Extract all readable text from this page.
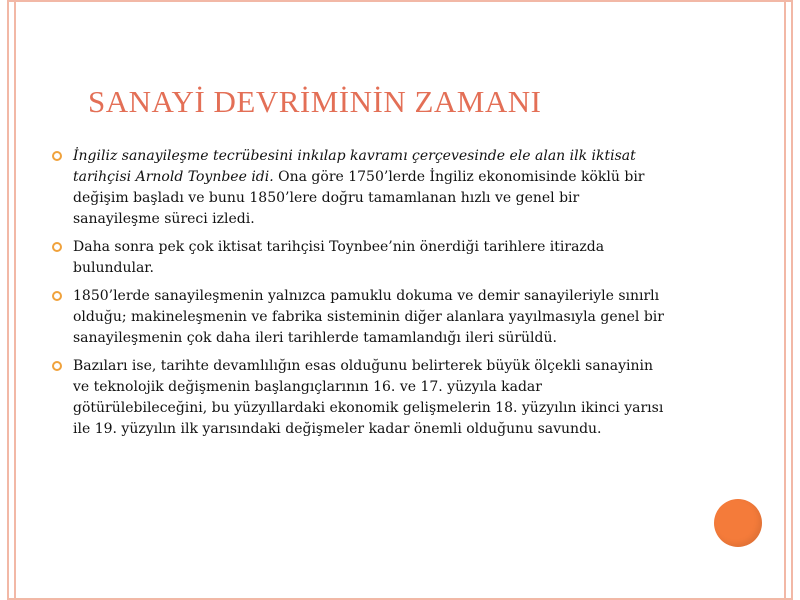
SANAYİ DEVRİMİNİN ZAMANI
İngiliz sanayileşme tecrübesini inkılap kavramı çerçevesinde ele alan ilk iktisat tarihçisi Arnold Toynbee idi. Ona göre 1750’lerde İngiliz ekonomisinde köklü bir değişim başladı ve bunu 1850’lere doğru tamamlanan hızlı ve genel bir sanayileşme süreci izledi.
Daha sonra pek çok iktisat tarihçisi Toynbee’nin önerdiği tarihlere itirazda bulundular.
1850’lerde sanayileşmenin yalnızca pamuklu dokuma ve demir sanayileriyle sınırlı olduğu; makineleşmenin ve fabrika sisteminin diğer alanlara yayılmasıyla genel bir sanayileşmenin çok daha ileri tarihlerde tamamlandığı ileri sürüldü.
Bazıları ise, tarihte devamlılığın esas olduğunu belirterek büyük ölçekli sanayinin ve teknolojik değişmenin başlangıçlarının 16. ve 17. yüzyıla kadar götürülebileceğini, bu yüzyıllardaki ekonomik gelişmelerin 18. yüzyılın ikinci yarısı ile 19. yüzyılın ilk yarısındaki değişmeler kadar önemli olduğunu savundu.
